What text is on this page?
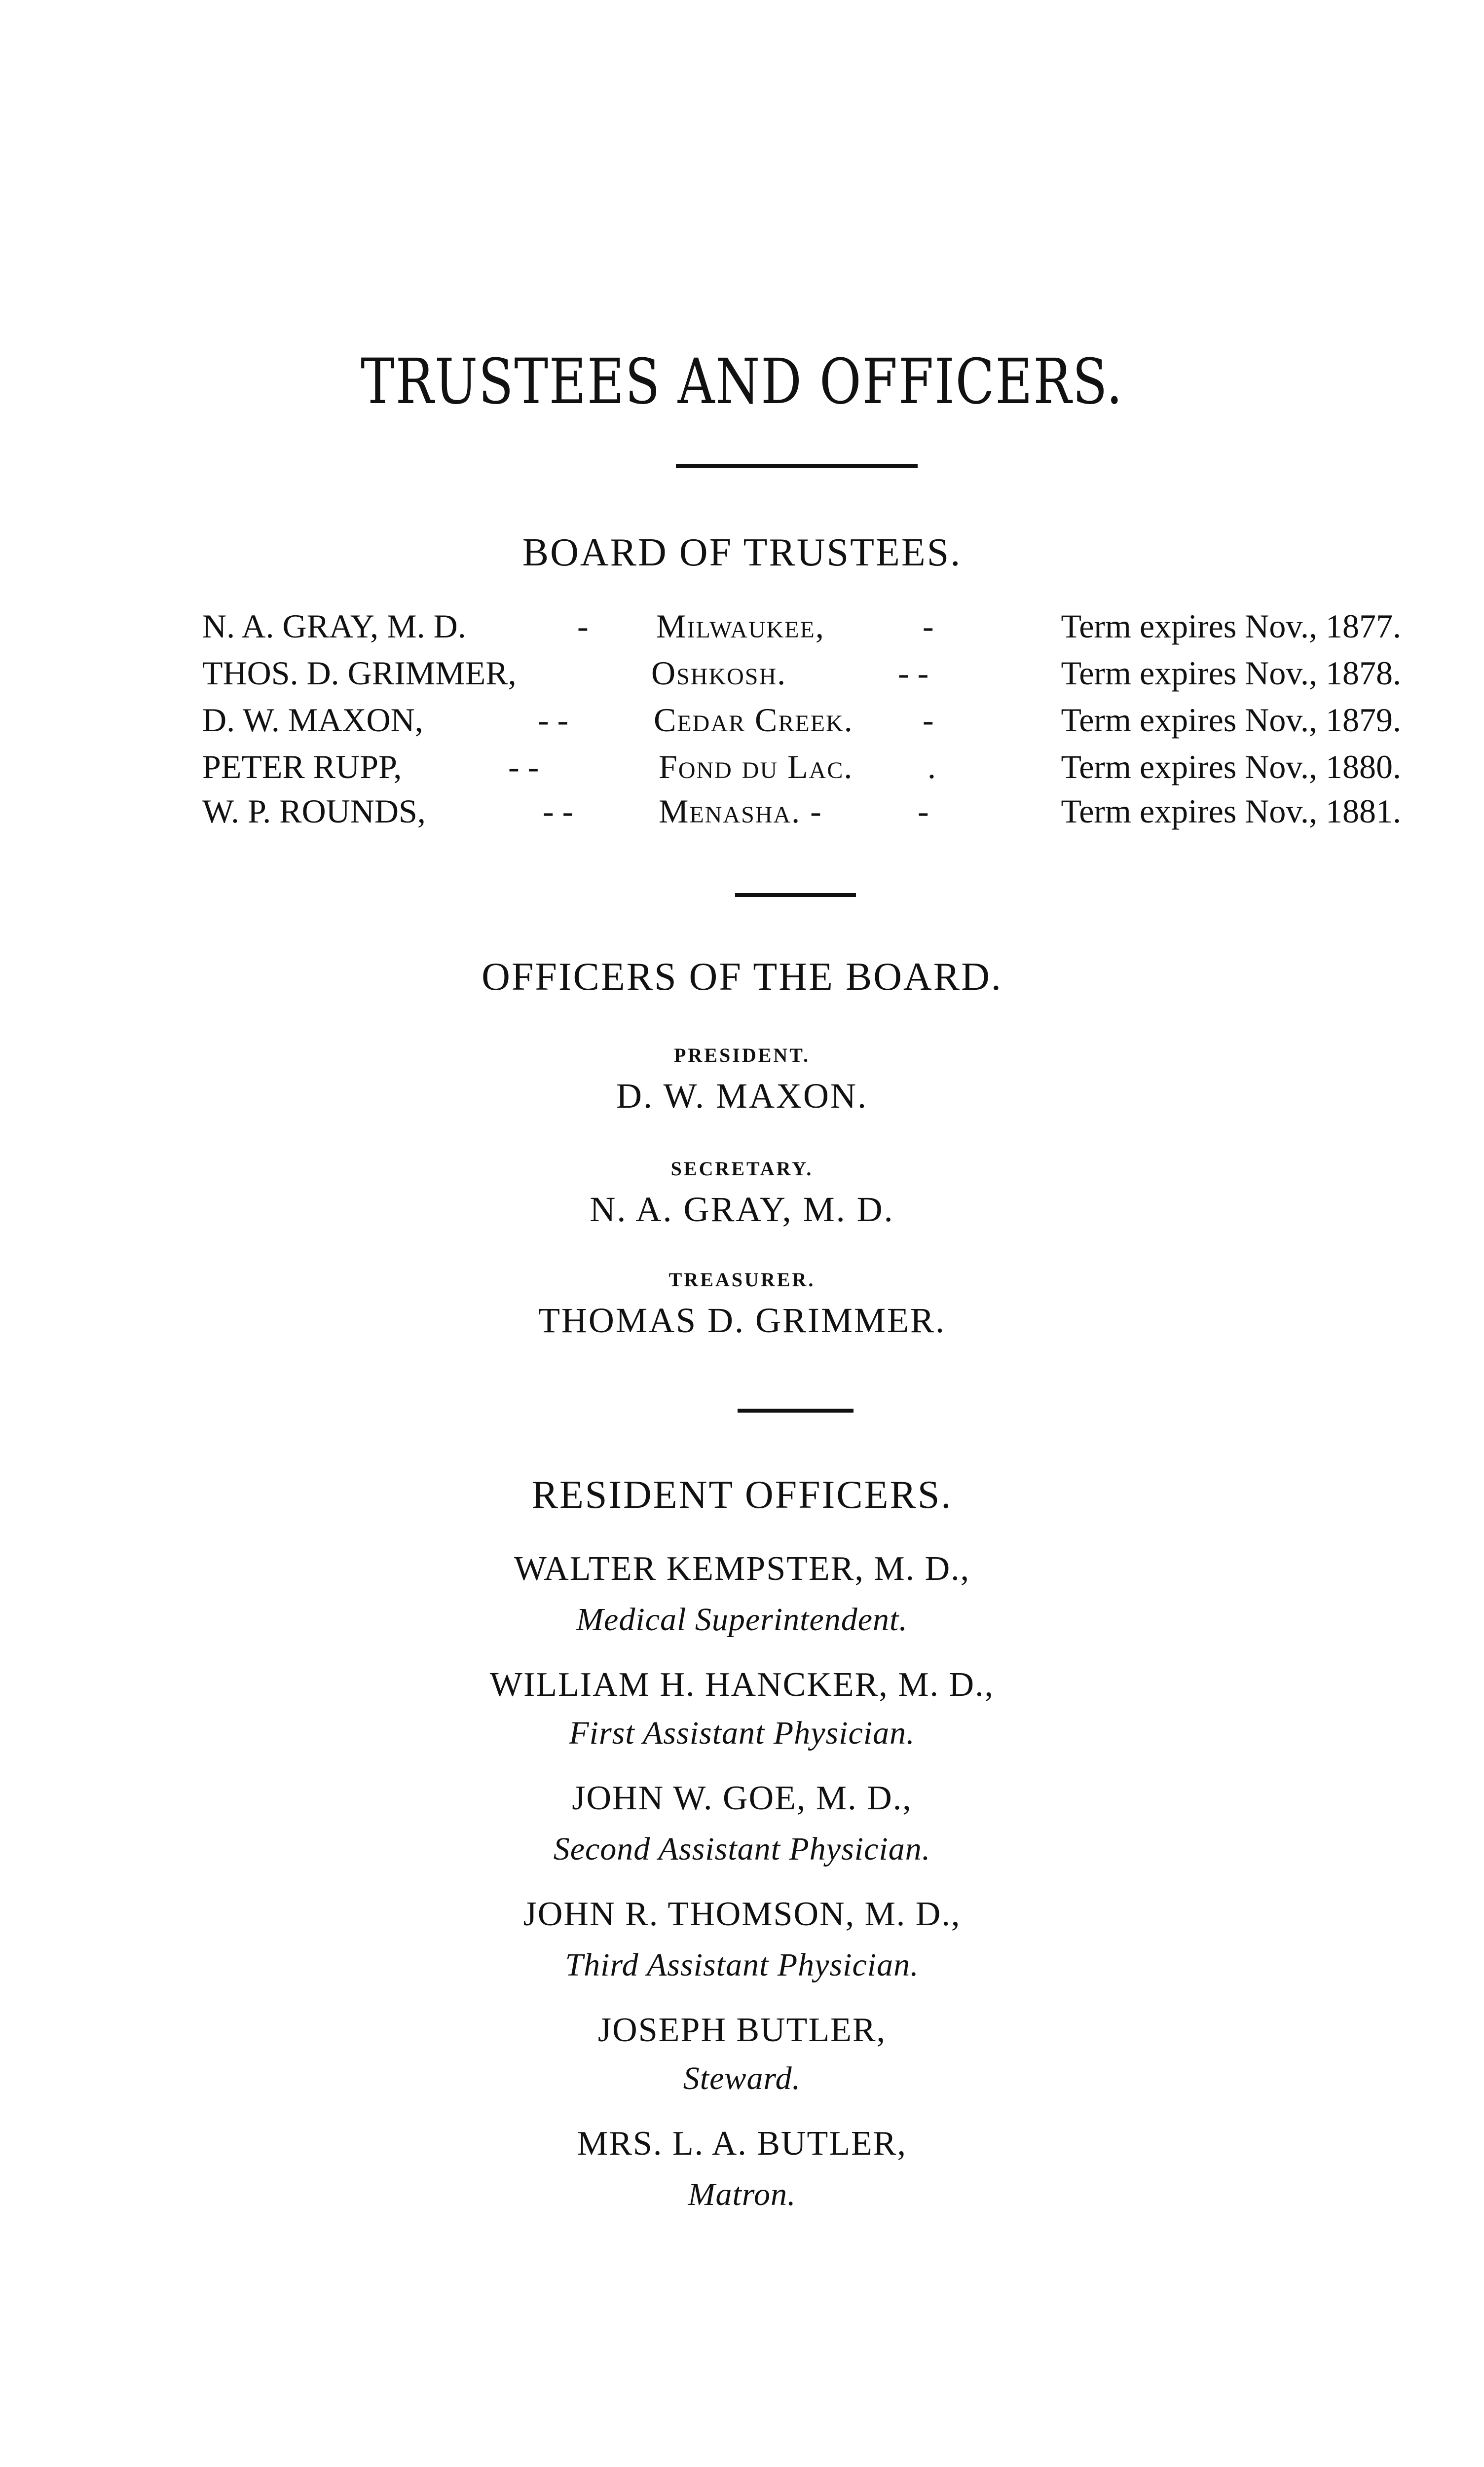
TRUSTEES AND OFFICERS.
BOARD OF TRUSTEES.
N. A. GRAY, M. D.	- Milwaukee,	-	Term expires Nov., 1877.
THOS. D. GRIMMER,	Oshkosh.	- -	Term expires Nov., 1878.
D. W. MAXON,	- -	Cedar Creek. -	Term expires Nov., 1879.
PETER RUPP,	- -	Fond du Lac. .	Term expires Nov., 1880.
W. P. ROUNDS,	- -	Menasha. -	-	Term expires Nov., 1881.
OFFICERS OF THE BOARD.
PRESIDENT.
D. W. MAXON.
SECRETARY.
N. A. GRAY, M. D.
TREASURER.
THOMAS D. GRIMMER.
RESIDENT OFFICERS.
WALTER KEMPSTER, M. D.,
Medical Superintendent.
WILLIAM H. HANCKER, M. D.,
First Assistant Physician.
JOHN W. GOE, M. D.,
Second Assistant Physician.
JOHN R. THOMSON, M. D.,
Third Assistant Physician.
JOSEPH BUTLER,
Steward.
MRS. L. A. BUTLER,
Matron.
